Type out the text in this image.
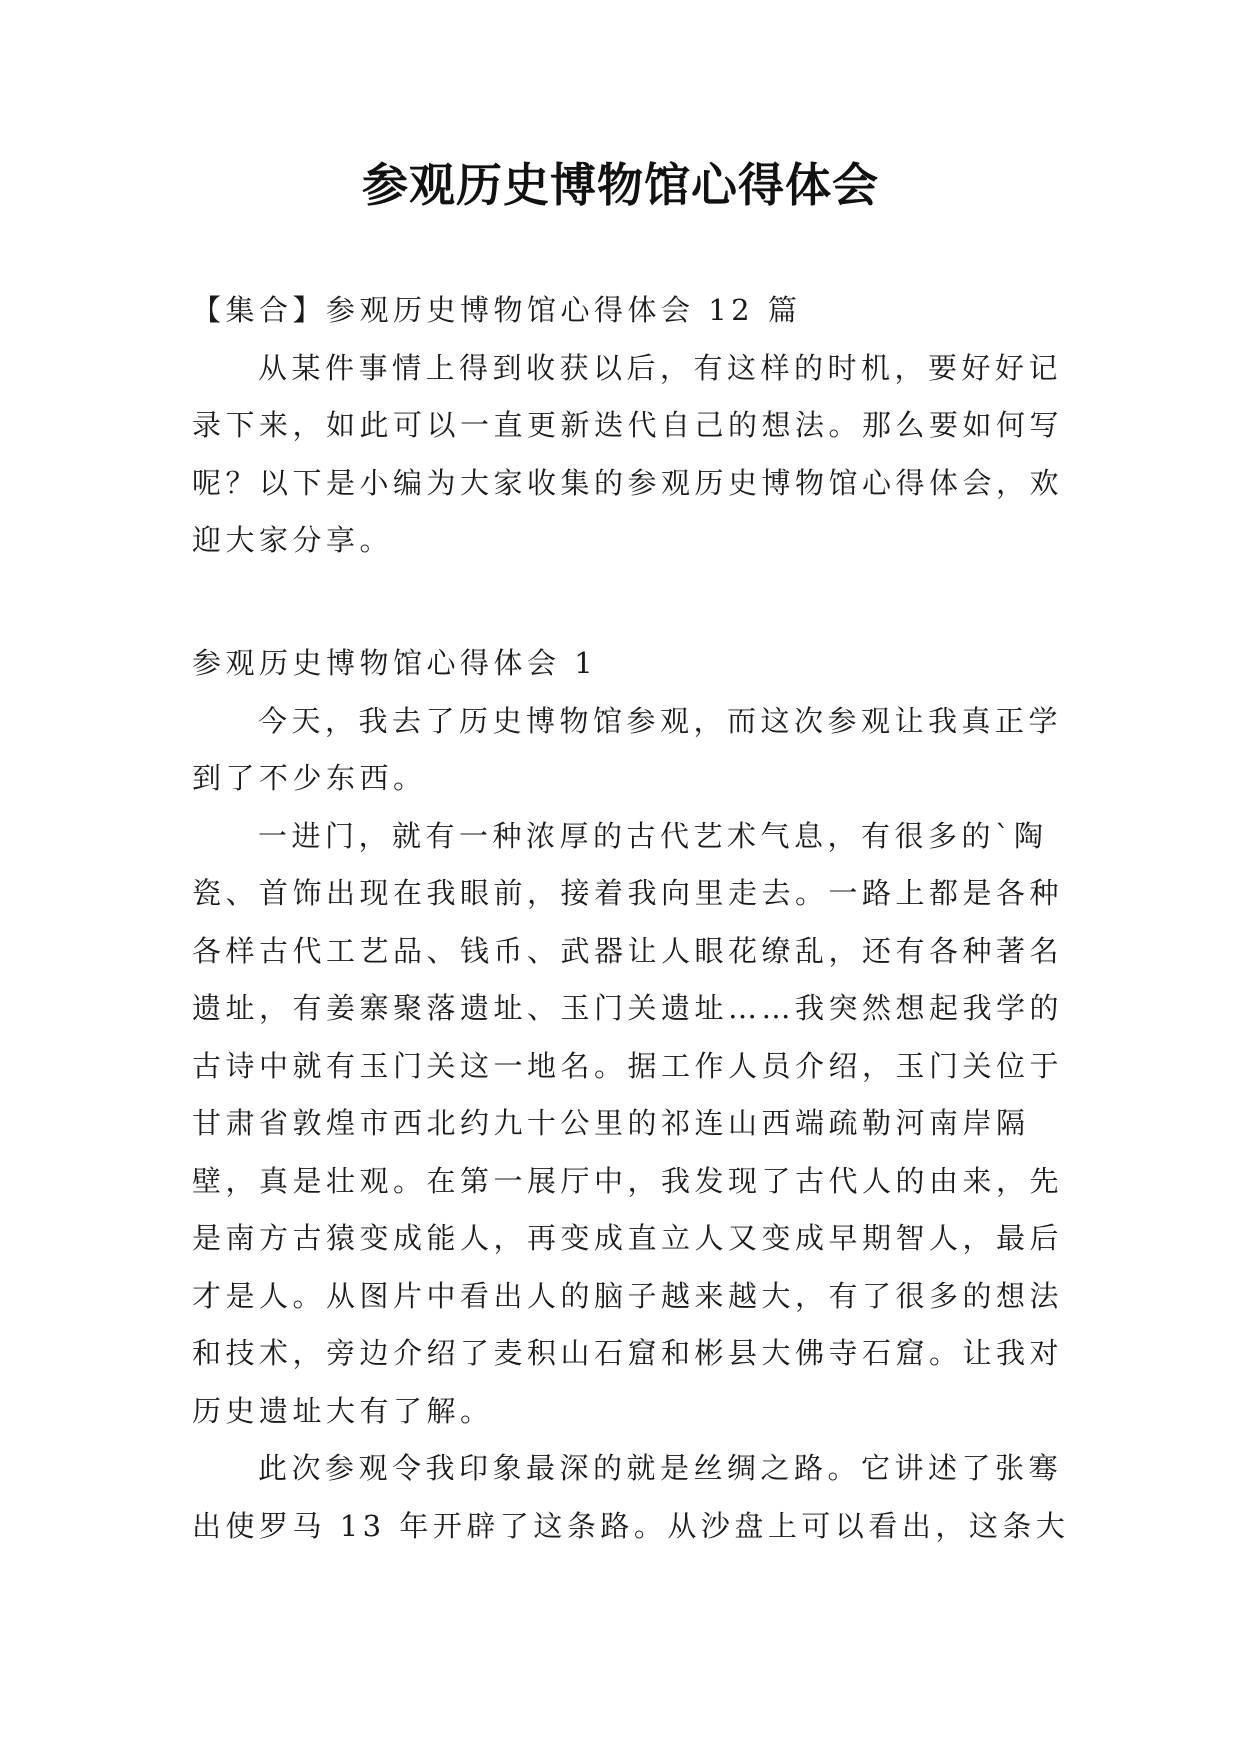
参观历史博物馆心得体会
【集合】参观历史博物馆心得体会 12 篇
从某件事情上得到收获以后，有这样的时机，要好好记
录下来，如此可以一直更新迭代自己的想法。那么要如何写
呢？以下是小编为大家收集的参观历史博物馆心得体会，欢
迎大家分享。
参观历史博物馆心得体会 1
今天，我去了历史博物馆参观，而这次参观让我真正学
到了不少东西。
一进门，就有一种浓厚的古代艺术气息，有很多的`陶
瓷、首饰出现在我眼前，接着我向里走去。一路上都是各种
各样古代工艺品、钱币、武器让人眼花缭乱，还有各种著名
遗址，有姜寨聚落遗址、玉门关遗址……我突然想起我学的
古诗中就有玉门关这一地名。据工作人员介绍，玉门关位于
甘肃省敦煌市西北约九十公里的祁连山西端疏勒河南岸隔
壁，真是壮观。在第一展厅中，我发现了古代人的由来，先
是南方古猿变成能人，再变成直立人又变成早期智人，最后
才是人。从图片中看出人的脑子越来越大，有了很多的想法
和技术，旁边介绍了麦积山石窟和彬县大佛寺石窟。让我对
历史遗址大有了解。
此次参观令我印象最深的就是丝绸之路。它讲述了张骞
出使罗马 13 年开辟了这条路。从沙盘上可以看出，这条大
